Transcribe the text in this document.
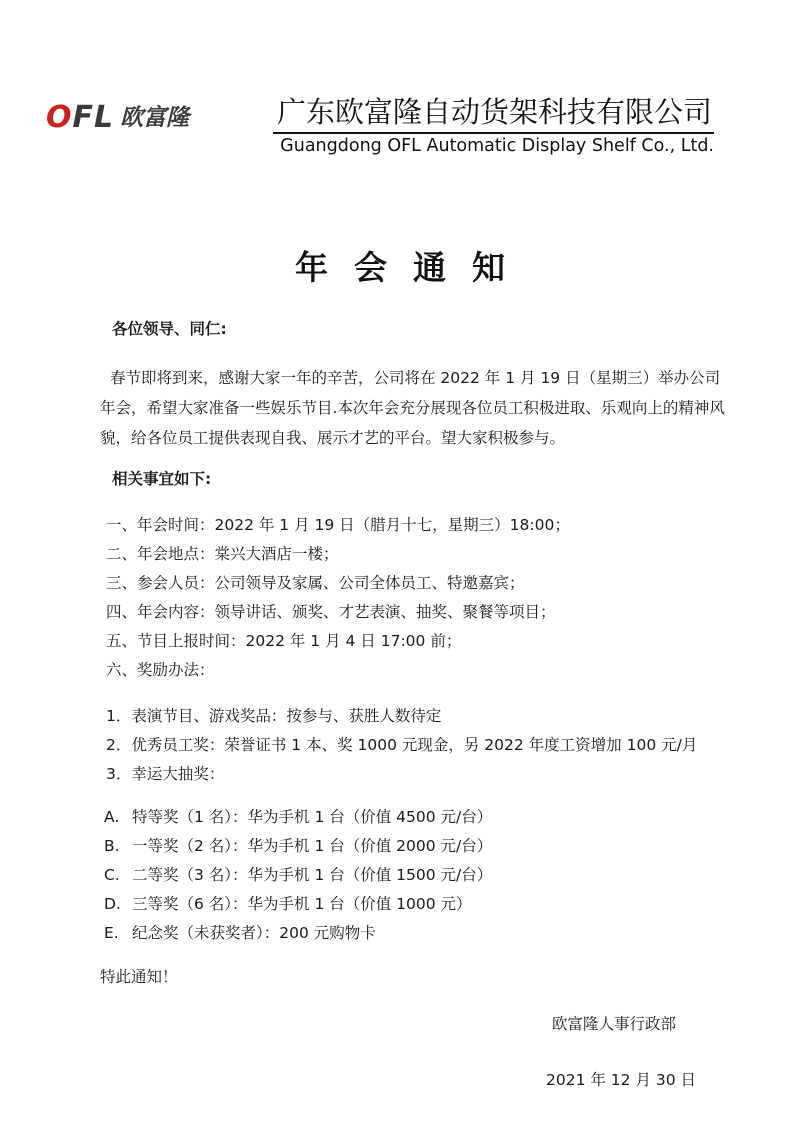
OFL 欧富隆	广东欧富隆自动货架科技有限公司
Guangdong OFL Automatic Display Shelf Co., Ltd.
年会通知
各位领导、同仁:
春节即将到来，感谢大家一年的辛苦，公司将在 2022 年 1 月 19 日（星期三）举办公司
年会，希望大家准备一些娱乐节目.本次年会充分展现各位员工积极进取、乐观向上的精神风
貌，给各位员工提供表现自我、展示才艺的平台。望大家积极参与。
相关事宜如下:
一、年会时间：2022 年 1 月 19 日（腊月十七，星期三）18:00；
二、年会地点：棠兴大酒店一楼；
三、参会人员：公司领导及家属、公司全体员工、特邀嘉宾；
四、年会内容：领导讲话、颁奖、才艺表演、抽奖、聚餐等项目；
五、节目上报时间：2022 年 1 月 4 日 17:00 前；
六、奖励办法：
1．表演节目、游戏奖品：按参与、获胜人数待定
2．优秀员工奖：荣誉证书 1 本、奖 1000 元现金，另 2022 年度工资增加 100 元/月
3．幸运大抽奖：
A. 特等奖（1 名）：华为手机 1 台（价值 4500 元/台）
B. 一等奖（2 名）：华为手机 1 台（价值 2000 元/台）
C. 二等奖（3 名）：华为手机 1 台（价值 1500 元/台）
D. 三等奖（6 名）：华为手机 1 台（价值 1000 元）
E. 纪念奖（未获奖者）：200 元购物卡
特此通知！
欧富隆人事行政部
2021 年 12 月 30 日
